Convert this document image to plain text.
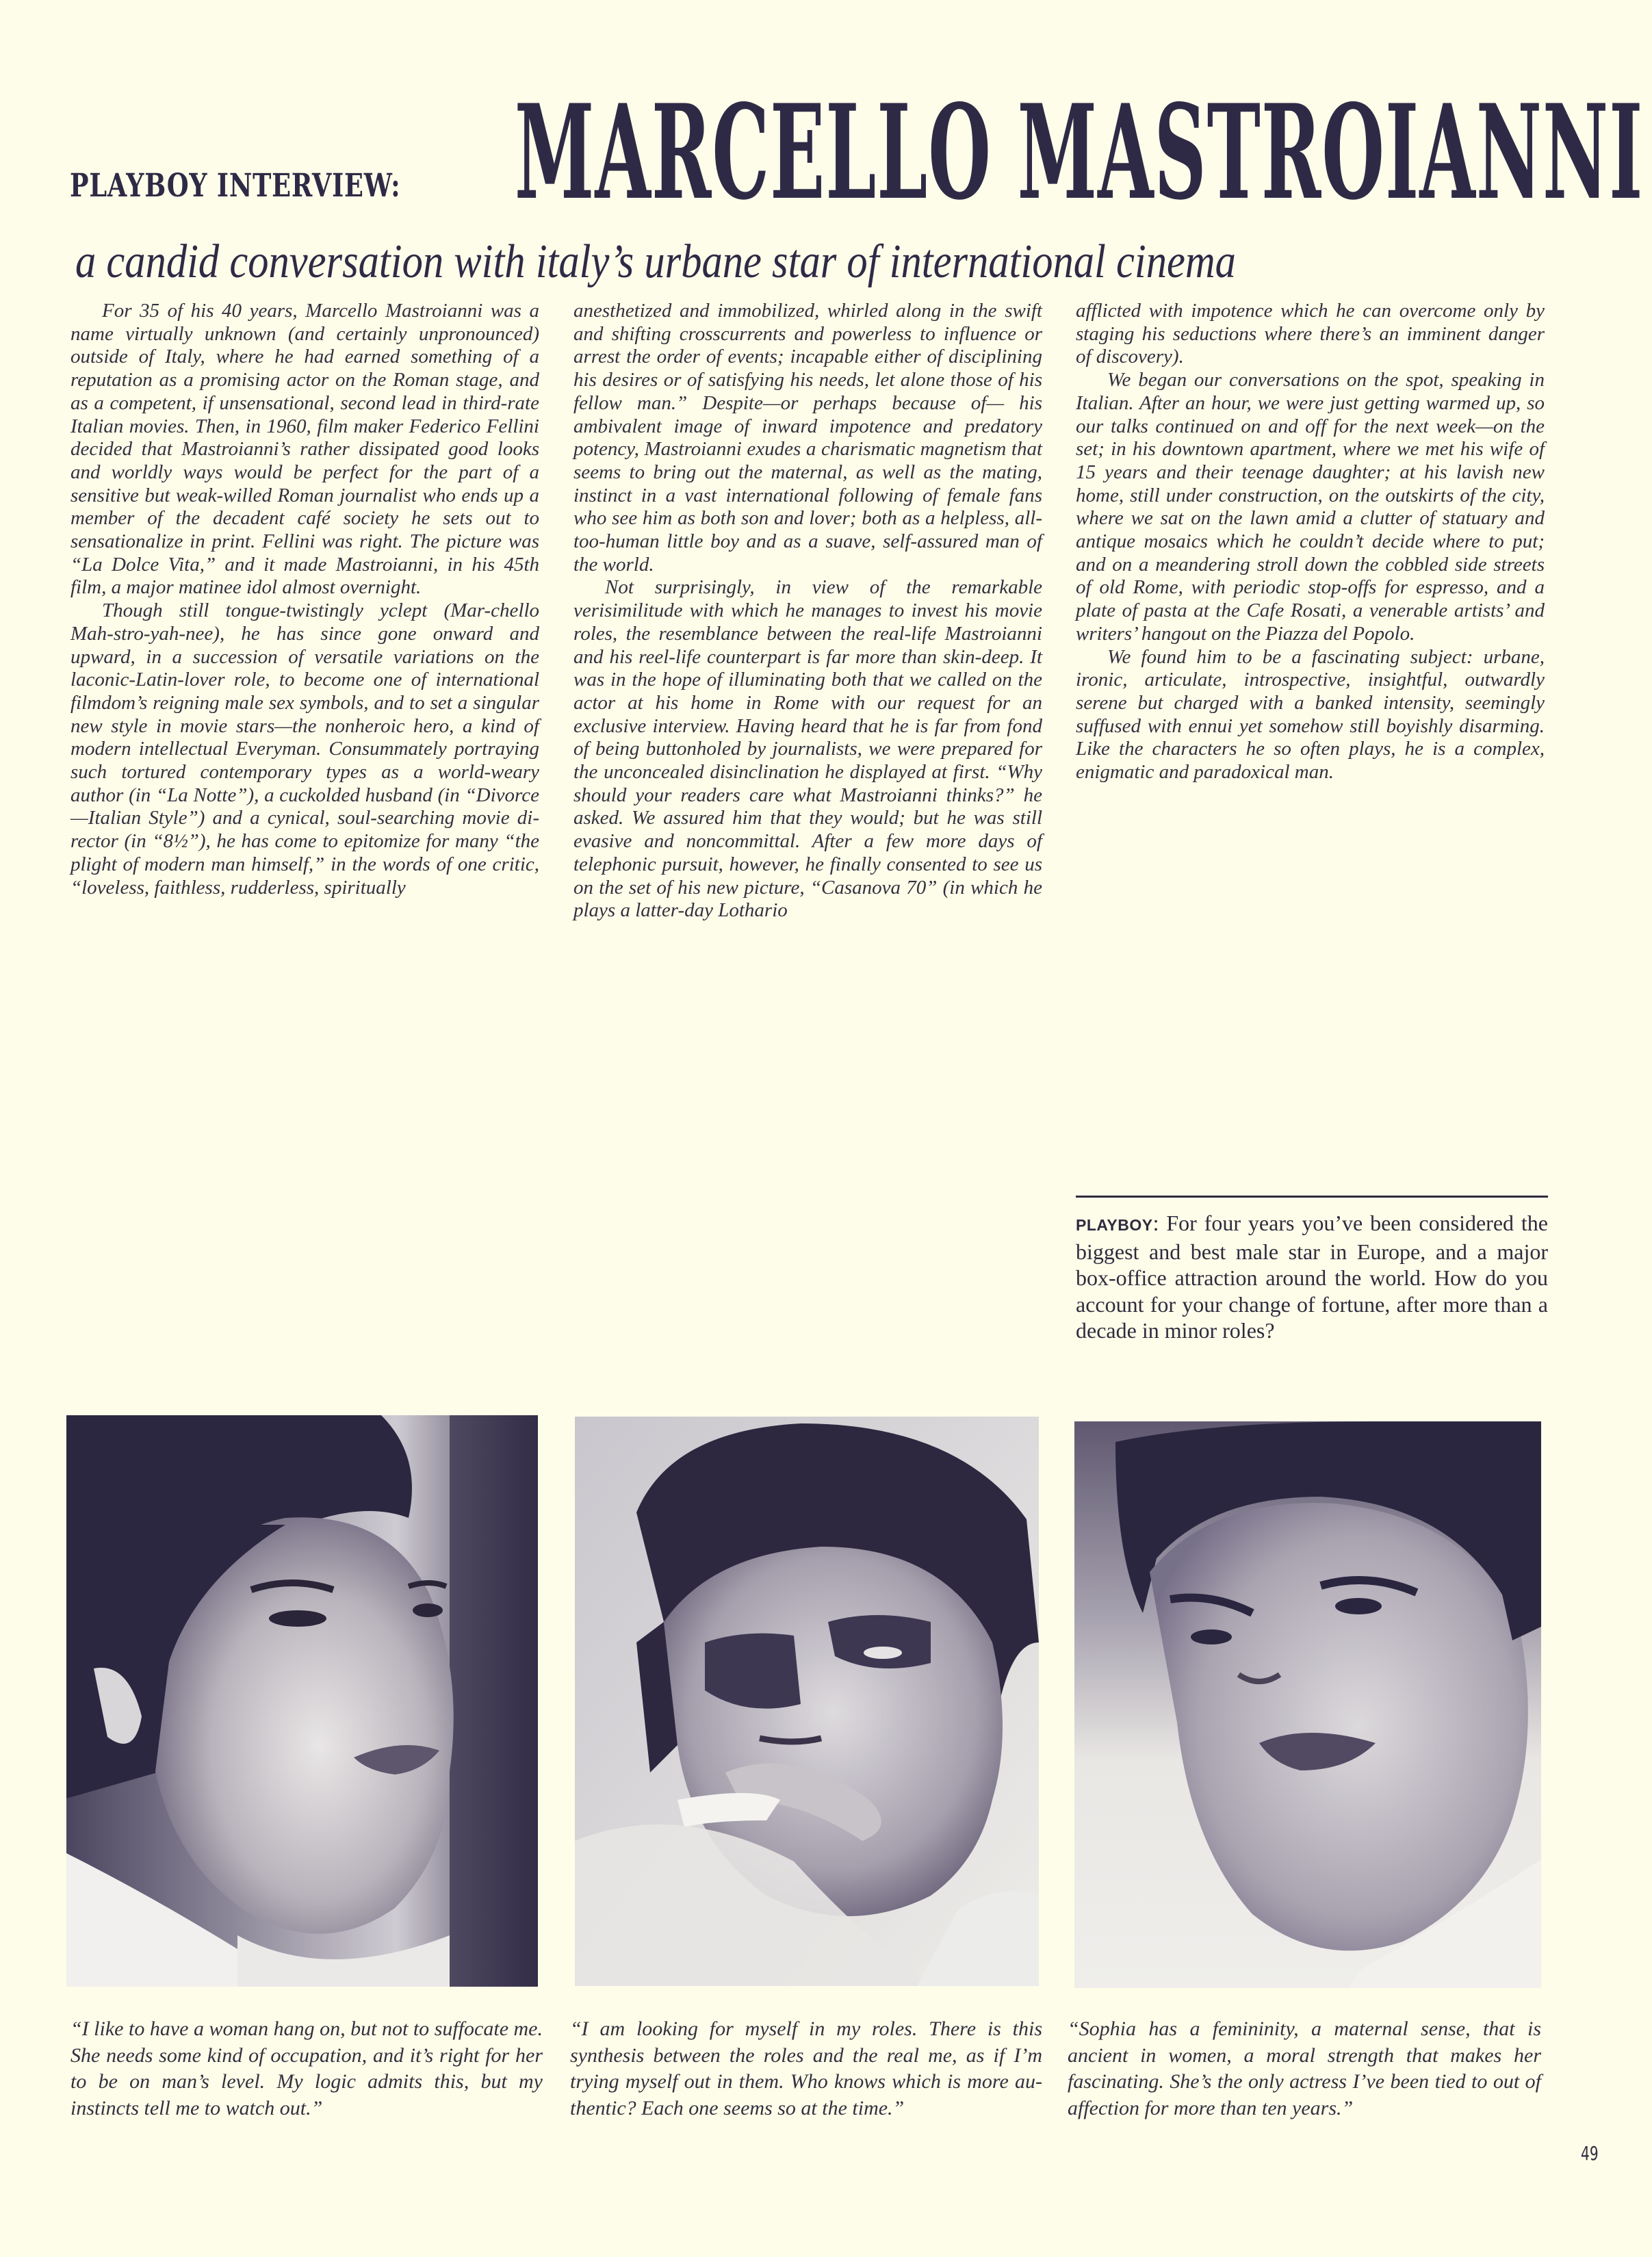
PLAYBOY INTERVIEW: MARCELLO MASTROIANNI
a candid conversation with italy’s urbane star of international cinema

For 35 of his 40 years, Marcello Mastroianni was a name virtually unknown (and certainly unpronounced) outside of Italy, where he had earned something of a reputation as a promising actor on the Roman stage, and as a competent, if unsensational, second lead in third-rate Italian movies. Then, in 1960, film maker Federico Fellini decided that Mastroianni’s rather dissipated good looks and worldly ways would be perfect for the part of a sensitive but weak-willed Roman journalist who ends up a member of the decadent café society he sets out to sensationalize in print. Fellini was right. The picture was “La Dolce Vita,” and it made Mastroianni, in his 45th film, a major matinee idol almost overnight.

Though still tongue-twistingly yclept (Mar-chello Mah-stro-yah-nee), he has since gone onward and upward, in a succession of versatile variations on the laconic-Latin-lover role, to become one of international filmdom’s reigning male sex symbols, and to set a singular new style in movie stars—the nonheroic hero, a kind of modern intellectual Everyman. Consummately portraying such tortured contemporary types as a world-weary author (in “La Notte”), a cuckolded husband (in “Divorce—Italian Style”) and a cynical, soul-searching movie director (in “8½”), he has come to epitomize for many “the plight of modern man himself,” in the words of one critic, “loveless, faithless, rudderless, spiritually

anesthetized and immobilized, whirled along in the swift and shifting crosscurrents and powerless to influence or arrest the order of events; incapable either of disciplining his desires or of satisfying his needs, let alone those of his fellow man.” Despite—or perhaps because of— his ambivalent image of inward impotence and predatory potency, Mastroianni exudes a charismatic magnetism that seems to bring out the maternal, as well as the mating, instinct in a vast international following of female fans who see him as both son and lover; both as a helpless, all-too-human little boy and as a suave, self-assured man of the world.

Not surprisingly, in view of the remarkable verisimilitude with which he manages to invest his movie roles, the resemblance between the real-life Mastroianni and his reel-life counterpart is far more than skin-deep. It was in the hope of illuminating both that we called on the actor at his home in Rome with our request for an exclusive interview. Having heard that he is far from fond of being buttonholed by journalists, we were prepared for the unconcealed disinclination he displayed at first. “Why should your readers care what Mastroianni thinks?” he asked. We assured him that they would; but he was still evasive and noncommittal. After a few more days of telephonic pursuit, however, he finally consented to see us on the set of his new picture, “Casanova 70” (in which he plays a latter-day Lothario

afflicted with impotence which he can overcome only by staging his seductions where there’s an imminent danger of discovery).

We began our conversations on the spot, speaking in Italian. After an hour, we were just getting warmed up, so our talks continued on and off for the next week—on the set; in his downtown apartment, where we met his wife of 15 years and their teenage daughter; at his lavish new home, still under construction, on the outskirts of the city, where we sat on the lawn amid a clutter of statuary and antique mosaics which he couldn’t decide where to put; and on a meandering stroll down the cobbled side streets of old Rome, with periodic stop-offs for espresso, and a plate of pasta at the Cafe Rosati, a venerable artists’ and writers’ hangout on the Piazza del Popolo.

We found him to be a fascinating subject: urbane, ironic, articulate, introspective, insightful, outwardly serene but charged with a banked intensity, seemingly suffused with ennui yet somehow still boyishly disarming. Like the characters he so often plays, he is a complex, enigmatic and paradoxical man.

PLAYBOY: For four years you’ve been considered the biggest and best male star in Europe, and a major box-office attraction around the world. How do you account for your change of fortune, after more than a decade in minor roles?
“I like to have a woman hang on, but not to suffocate me. She needs some kind of occupation, and it’s right for her to be on man’s level. My logic admits this, but my instincts tell me to watch out.”
“I am looking for myself in my roles. There is this synthesis between the roles and the real me, as if I’m trying myself out in them. Who knows which is more authentic? Each one seems so at the time.”
“Sophia has a femininity, a maternal sense, that is ancient in women, a moral strength that makes her fascinating. She’s the only actress I’ve been tied to out of affection for more than ten years.”
49
